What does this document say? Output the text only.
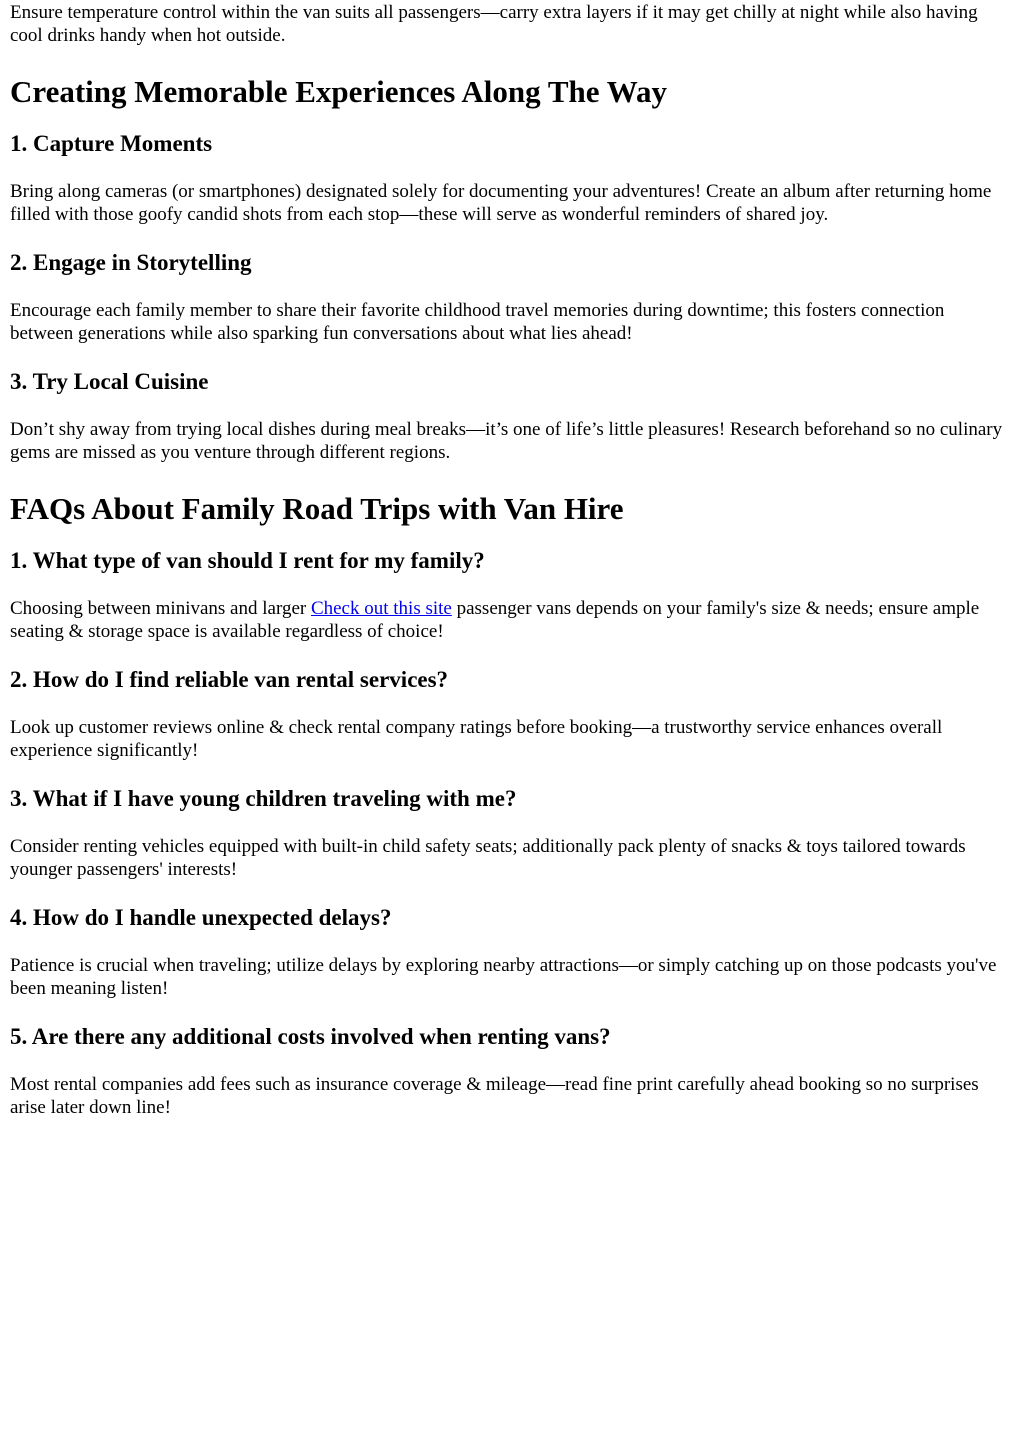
Ensure temperature control within the van suits all passengers—carry extra layers if it may get chilly at night while also having cool drinks handy when hot outside.

Creating Memorable Experiences Along The Way
1. Capture Moments

Bring along cameras (or smartphones) designated solely for documenting your adventures! Create an album after returning home filled with those goofy candid shots from each stop—these will serve as wonderful reminders of shared joy.

2. Engage in Storytelling

Encourage each family member to share their favorite childhood travel memories during downtime; this fosters connection between generations while also sparking fun conversations about what lies ahead!

3. Try Local Cuisine

Don’t shy away from trying local dishes during meal breaks—it’s one of life’s little pleasures! Research beforehand so no culinary gems are missed as you venture through different regions.

FAQs About Family Road Trips with Van Hire
1. What type of van should I rent for my family?

Choosing between minivans and larger Check out this site passenger vans depends on your family's size & needs; ensure ample seating & storage space is available regardless of choice!

2. How do I find reliable van rental services?

Look up customer reviews online & check rental company ratings before booking—a trustworthy service enhances overall experience significantly!

3. What if I have young children traveling with me?

Consider renting vehicles equipped with built-in child safety seats; additionally pack plenty of snacks & toys tailored towards younger passengers' interests!

4. How do I handle unexpected delays?

Patience is crucial when traveling; utilize delays by exploring nearby attractions—or simply catching up on those podcasts you've been meaning listen!

5. Are there any additional costs involved when renting vans?

Most rental companies add fees such as insurance coverage & mileage—read fine print carefully ahead booking so no surprises arise later down line!
